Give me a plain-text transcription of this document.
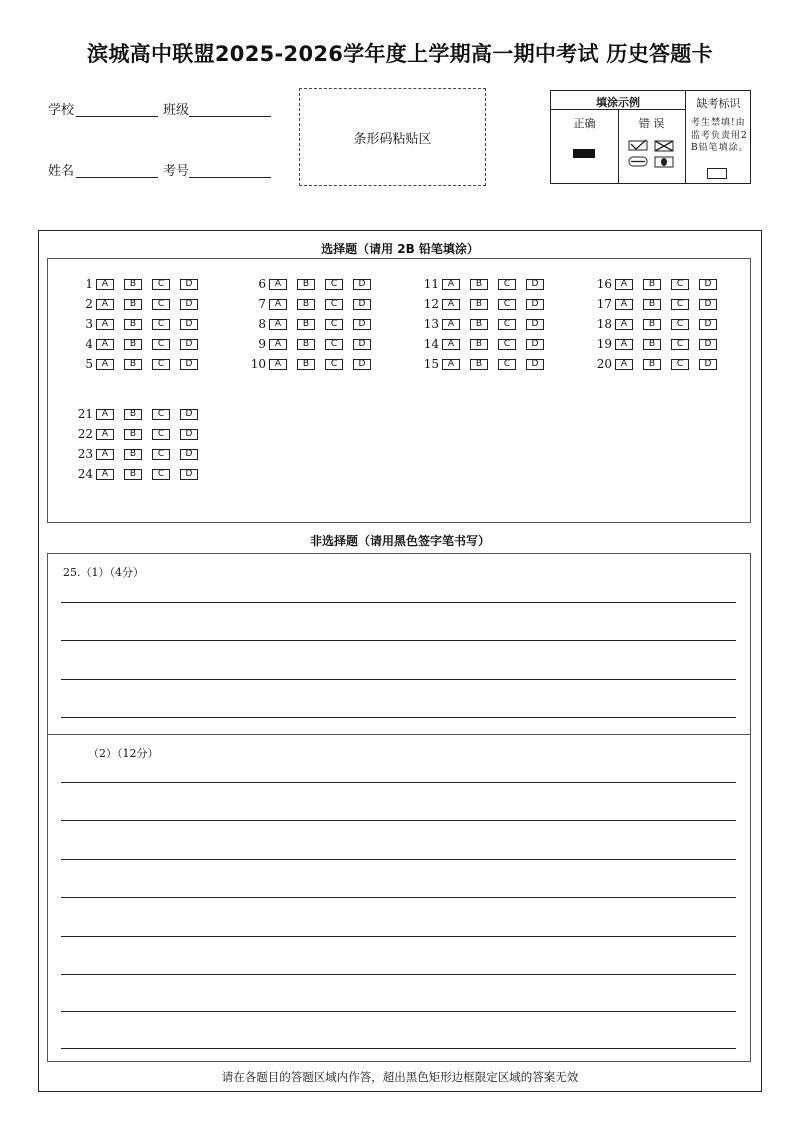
滨城高中联盟2025-2026学年度上学期高一期中考试 历史答题卡
学校	班级
姓名	考号
条形码粘贴区
填涂示例
正确	错 误
缺考标识
考生禁填!由监考负责用2B铅笔填涂。
选择题（请用 2B 铅笔填涂）
1 A	B	C	D
2 A	B	C	D
3 A	B	C	D
4 A	B	C	D
5 A	B	C	D
6 A	B	C	D
7 A	B	C	D
8 A	B	C	D
9 A	B	C	D
10 A	B	C	D
11 A	B	C	D
12 A	B	C	D
13 A	B	C	D
14 A	B	C	D
15 A	B	C	D
16 A	B	C	D
17 A	B	C	D
18 A	B	C	D
19 A	B	C	D
20 A	B	C	D
21 A	B	C	D
22 A	B	C	D
23 A	B	C	D
24 A	B	C	D
非选择题（请用黑色签字笔书写）
25.（1）（4分）
（2）（12分）
请在各题目的答题区域内作答，超出黑色矩形边框限定区域的答案无效
